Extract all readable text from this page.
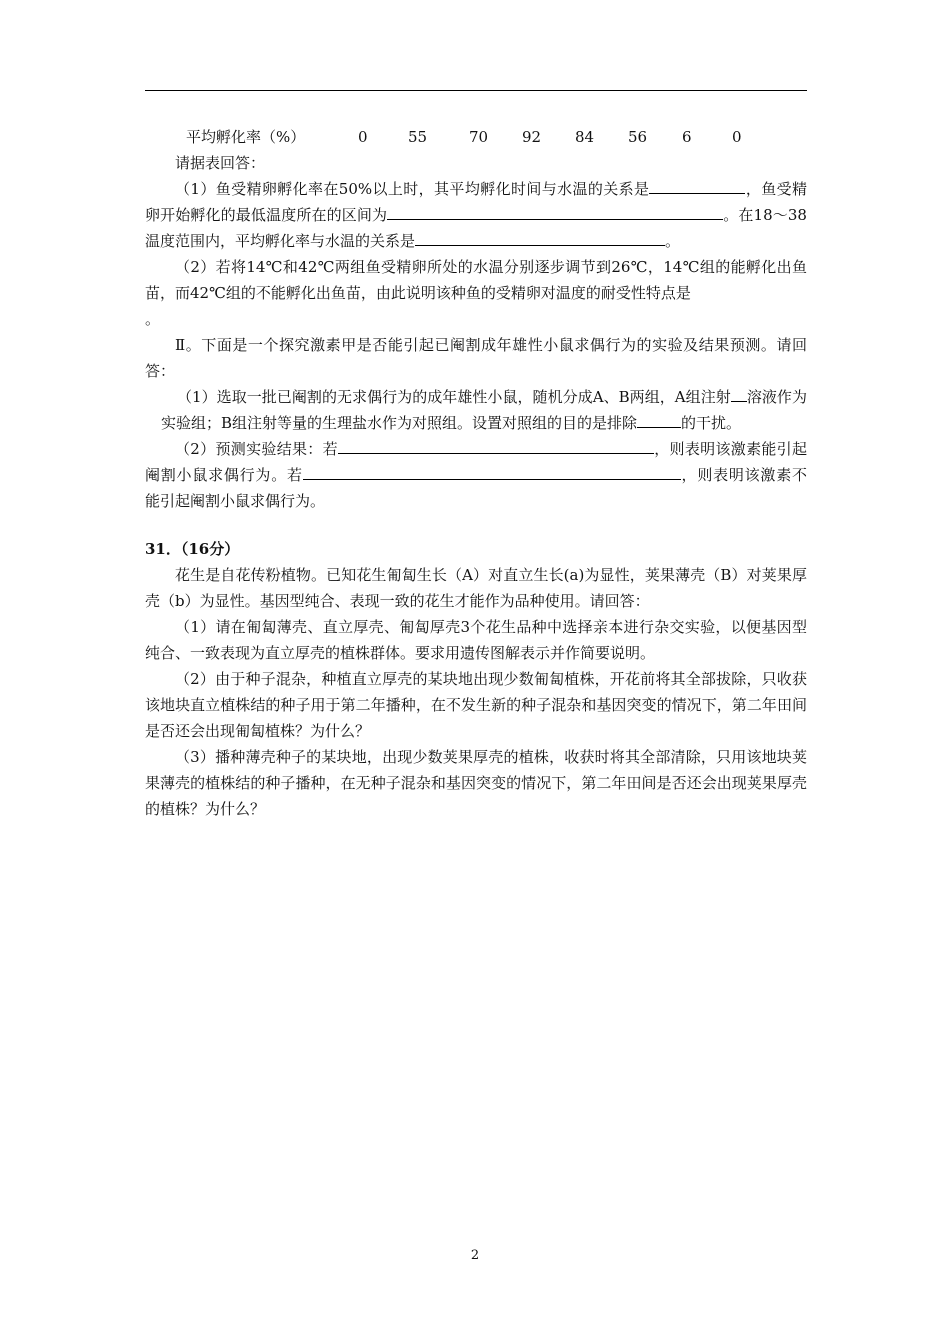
平均孵化率（%）	0	55	70 92 84 56 6	0

请据表回答：

（1）鱼受精卵孵化率在50%以上时，其平均孵化时间与水温的关系是	，鱼受精卵开始孵化的最低温度所在的区间为	。在18～38温度范围内，平均孵化率与水温的关系是	。

（2）若将14℃和42℃两组鱼受精卵所处的水温分别逐步调节到26℃，14℃组的能孵化出鱼苗，而42℃组的不能孵化出鱼苗，由此说明该种鱼的受精卵对温度的耐受性特点是
。

Ⅱ。下面是一个探究激素甲是否能引起已阉割成年雄性小鼠求偶行为的实验及结果预测。请回答：

（1）选取一批已阉割的无求偶行为的成年雄性小鼠，随机分成A、B两组，A组注射 溶液作为实验组；B组注射等量的生理盐水作为对照组。设置对照组的目的是排除	的干扰。

（2）预测实验结果：若	，则表明该激素能引起阉割小鼠求偶行为。若	，则表明该激素不能引起阉割小鼠求偶行为。

31．（16分）

花生是自花传粉植物。已知花生匍匐生长（A）对直立生长(a)为显性，荚果薄壳（B）对荚果厚壳（b）为显性。基因型纯合、表现一致的花生才能作为品种使用。请回答：

（1）请在匍匐薄壳、直立厚壳、匍匐厚壳3个花生品种中选择亲本进行杂交实验，以便基因型纯合、一致表现为直立厚壳的植株群体。要求用遗传图解表示并作简要说明。

（2）由于种子混杂，种植直立厚壳的某块地出现少数匍匐植株，开花前将其全部拔除，只收获该地块直立植株结的种子用于第二年播种，在不发生新的种子混杂和基因突变的情况下，第二年田间是否还会出现匍匐植株？为什么？

（3）播种薄壳种子的某块地，出现少数荚果厚壳的植株，收获时将其全部清除，只用该地块荚果薄壳的植株结的种子播种，在无种子混杂和基因突变的情况下，第二年田间是否还会出现荚果厚壳的植株？为什么？

2
